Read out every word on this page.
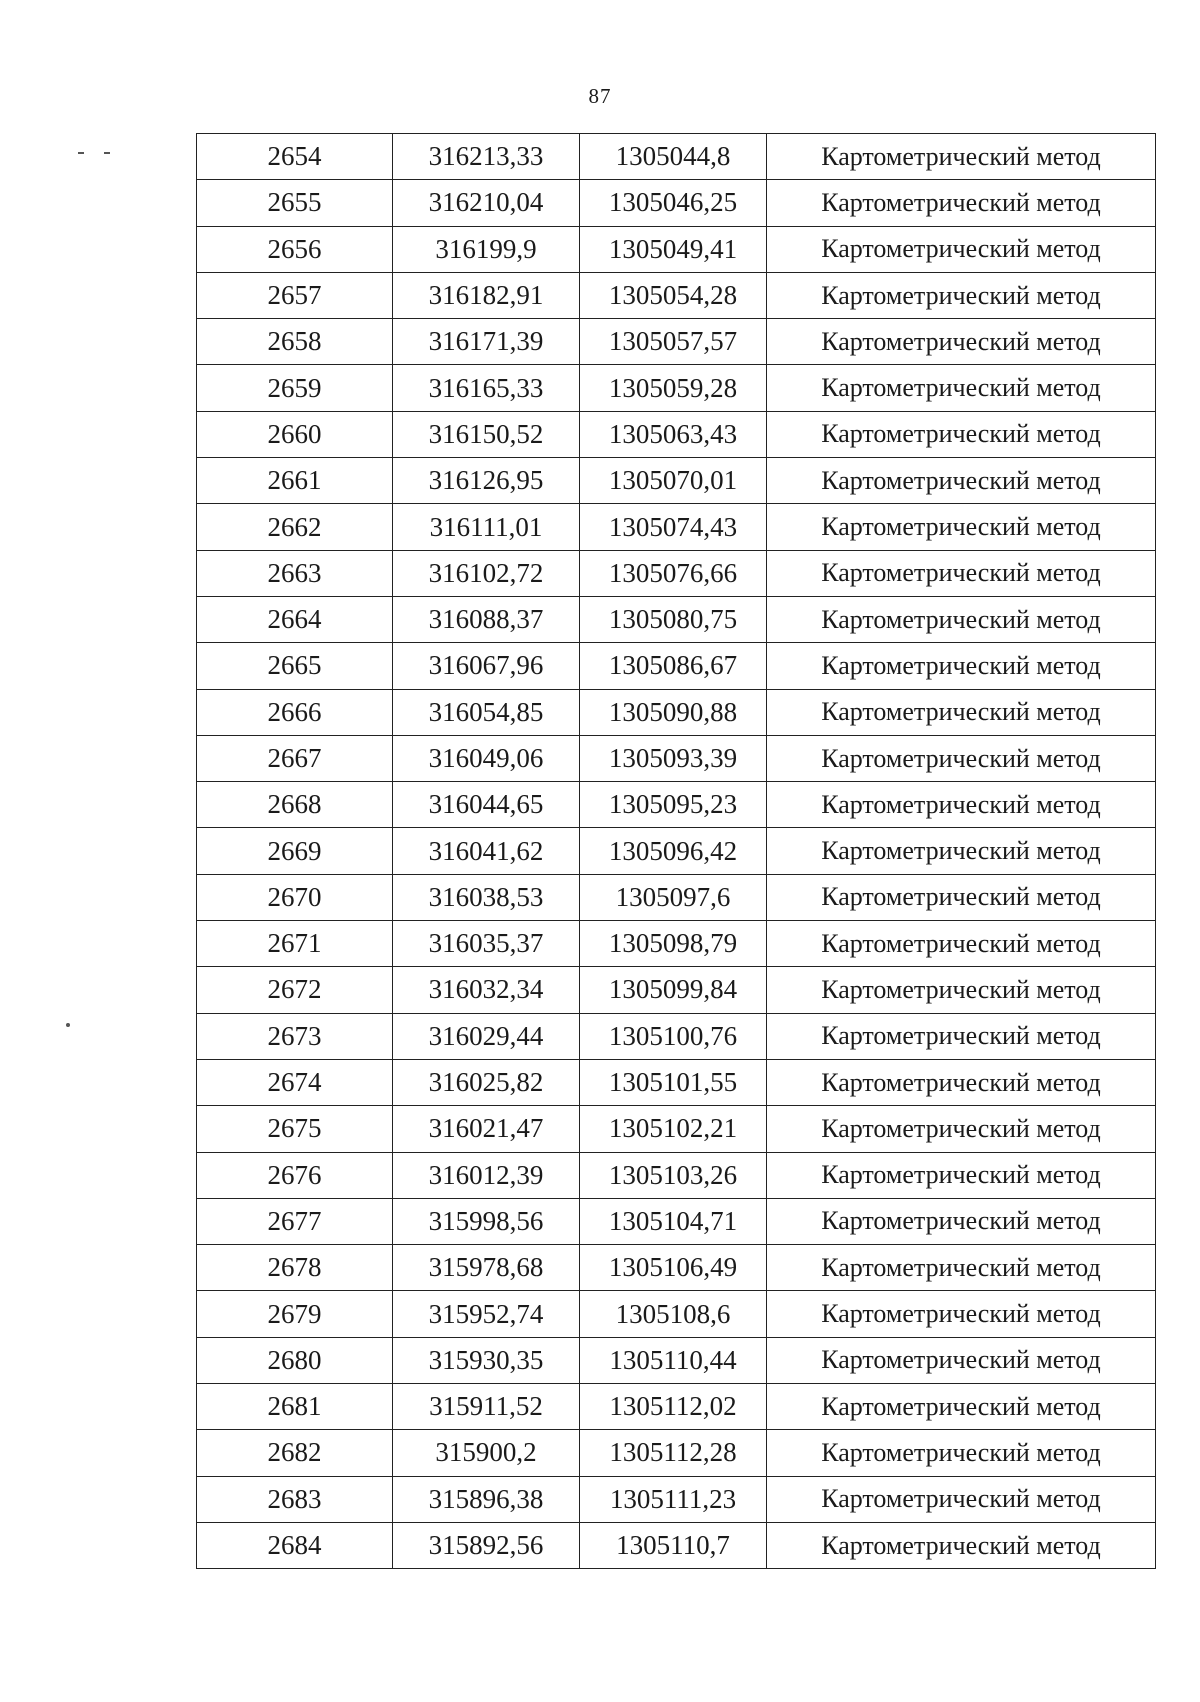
87
2654	316213,33	1305044,8	Картометрический метод
2655	316210,04	1305046,25	Картометрический метод
2656	316199,9	1305049,41	Картометрический метод
2657	316182,91	1305054,28	Картометрический метод
2658	316171,39	1305057,57	Картометрический метод
2659	316165,33	1305059,28	Картометрический метод
2660	316150,52	1305063,43	Картометрический метод
2661	316126,95	1305070,01	Картометрический метод
2662	316111,01	1305074,43	Картометрический метод
2663	316102,72	1305076,66	Картометрический метод
2664	316088,37	1305080,75	Картометрический метод
2665	316067,96	1305086,67	Картометрический метод
2666	316054,85	1305090,88	Картометрический метод
2667	316049,06	1305093,39	Картометрический метод
2668	316044,65	1305095,23	Картометрический метод
2669	316041,62	1305096,42	Картометрический метод
2670	316038,53	1305097,6	Картометрический метод
2671	316035,37	1305098,79	Картометрический метод
2672	316032,34	1305099,84	Картометрический метод
2673	316029,44	1305100,76	Картометрический метод
2674	316025,82	1305101,55	Картометрический метод
2675	316021,47	1305102,21	Картометрический метод
2676	316012,39	1305103,26	Картометрический метод
2677	315998,56	1305104,71	Картометрический метод
2678	315978,68	1305106,49	Картометрический метод
2679	315952,74	1305108,6	Картометрический метод
2680	315930,35	1305110,44	Картометрический метод
2681	315911,52	1305112,02	Картометрический метод
2682	315900,2	1305112,28	Картометрический метод
2683	315896,38	1305111,23	Картометрический метод
2684	315892,56	1305110,7	Картометрический метод
